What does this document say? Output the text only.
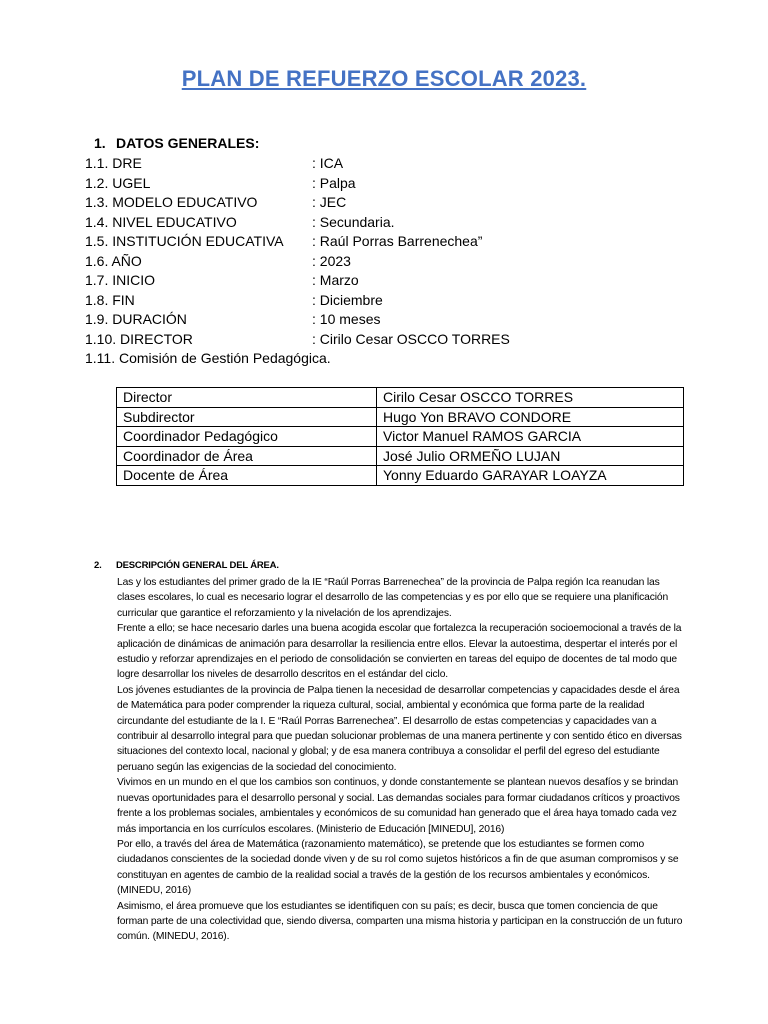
PLAN DE REFUERZO ESCOLAR 2023.
1. DATOS GENERALES:
1.1. DRE	: ICA
1.2. UGEL	: Palpa
1.3. MODELO EDUCATIVO	: JEC
1.4. NIVEL EDUCATIVO	: Secundaria.
1.5. INSTITUCIÓN EDUCATIVA	: Raúl Porras Barrenechea”
1.6. AÑO	: 2023
1.7. INICIO	: Marzo
1.8. FIN	: Diciembre
1.9. DURACIÓN	: 10 meses
1.10. DIRECTOR	: Cirilo Cesar OSCCO TORRES
1.11. Comisión de Gestión Pedagógica.
Director	Cirilo Cesar OSCCO TORRES
Subdirector	Hugo Yon BRAVO CONDORE
Coordinador Pedagógico	Victor Manuel RAMOS GARCIA
Coordinador de Área	José Julio ORMEÑO LUJAN
Docente de Área	Yonny Eduardo GARAYAR LOAYZA
2. DESCRIPCIÓN GENERAL DEL ÁREA.

Las y los estudiantes del primer grado de la IE “Raúl Porras Barrenechea” de la provincia de Palpa región Ica reanudan las clases escolares, lo cual es necesario lograr el desarrollo de las competencias y es por ello que se requiere una planificación curricular que garantice el reforzamiento y la nivelación de los aprendizajes.

Frente a ello; se hace necesario darles una buena acogida escolar que fortalezca la recuperación socioemocional a través de la aplicación de dinámicas de animación para desarrollar la resiliencia entre ellos. Elevar la autoestima, despertar el interés por el estudio y reforzar aprendizajes en el periodo de consolidación se convierten en tareas del equipo de docentes de tal modo que logre desarrollar los niveles de desarrollo descritos en el estándar del ciclo.

Los jóvenes estudiantes de la provincia de Palpa tienen la necesidad de desarrollar competencias y capacidades desde el área de Matemática para poder comprender la riqueza cultural, social, ambiental y económica que forma parte de la realidad circundante del estudiante de la I. E “Raúl Porras Barrenechea”. El desarrollo de estas competencias y capacidades van a contribuir al desarrollo integral para que puedan solucionar problemas de una manera pertinente y con sentido ético en diversas situaciones del contexto local, nacional y global; y de esa manera contribuya a consolidar el perfil del egreso del estudiante peruano según las exigencias de la sociedad del conocimiento.

Vivimos en un mundo en el que los cambios son continuos, y donde constantemente se plantean nuevos desafíos y se brindan nuevas oportunidades para el desarrollo personal y social. Las demandas sociales para formar ciudadanos críticos y proactivos frente a los problemas sociales, ambientales y económicos de su comunidad han generado que el área haya tomado cada vez más importancia en los currículos escolares. (Ministerio de Educación [MINEDU], 2016)

Por ello, a través del área de Matemática (razonamiento matemático), se pretende que los estudiantes se formen como ciudadanos conscientes de la sociedad donde viven y de su rol como sujetos históricos a fin de que asuman compromisos y se constituyan en agentes de cambio de la realidad social a través de la gestión de los recursos ambientales y económicos. (MINEDU, 2016)

Asimismo, el área promueve que los estudiantes se identifiquen con su país; es decir, busca que tomen conciencia de que forman parte de una colectividad que, siendo diversa, comparten una misma historia y participan en la construcción de un futuro común. (MINEDU, 2016).
